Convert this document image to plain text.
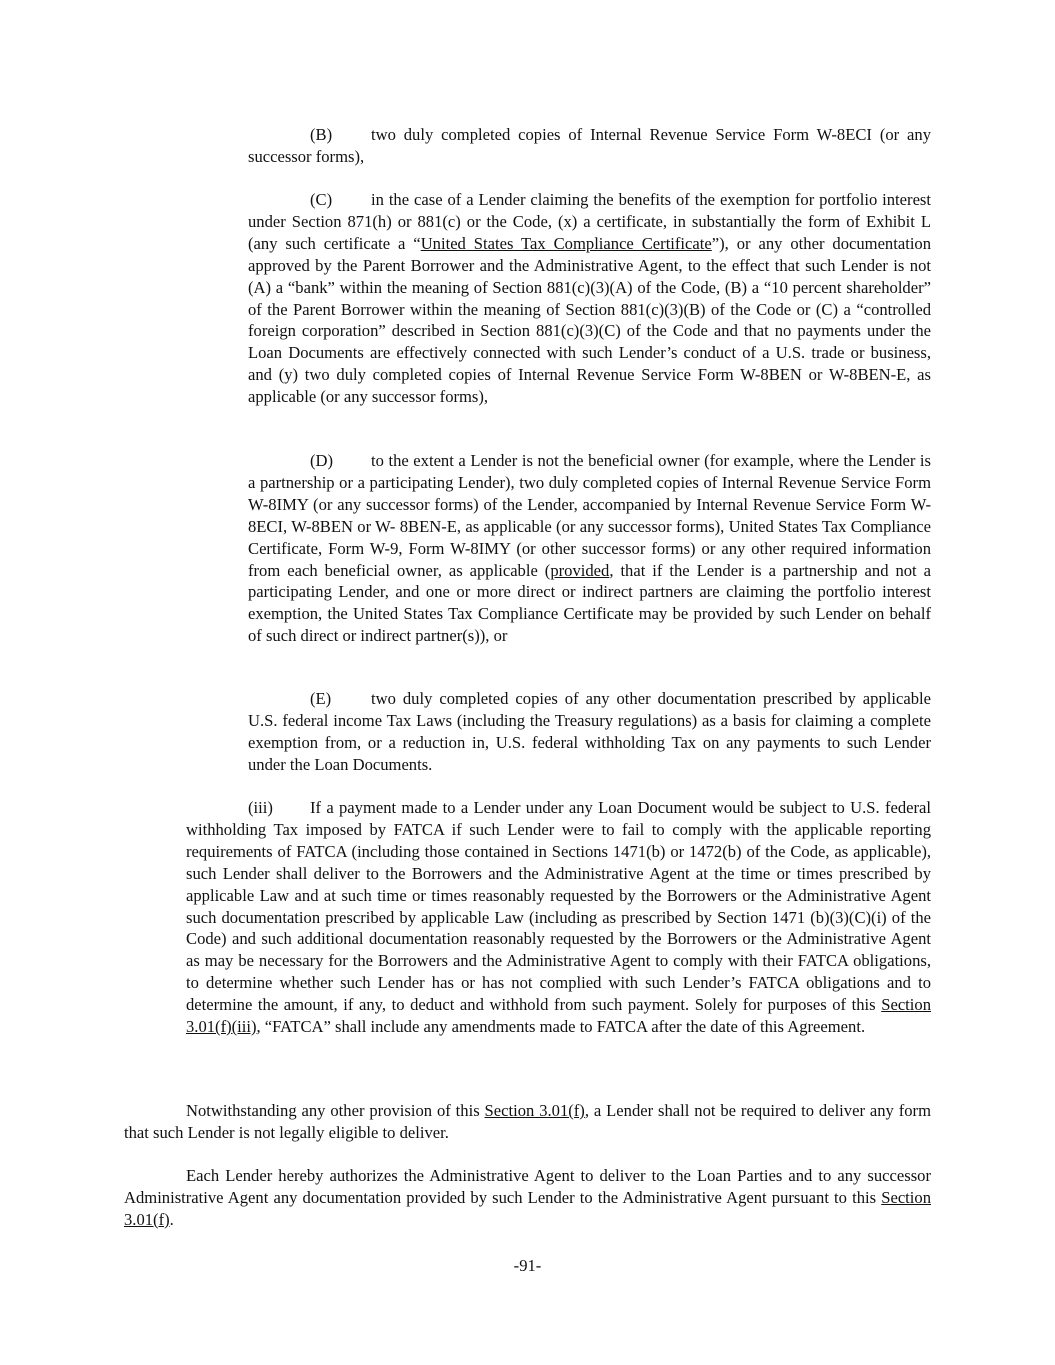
(B) two duly completed copies of Internal Revenue Service Form W-8ECI (or any successor forms),

(C) in the case of a Lender claiming the benefits of the exemption for portfolio interest under Section 871(h) or 881(c) or the Code, (x) a certificate, in substantially the form of Exhibit L (any such certificate a “United States Tax Compliance Certificate”), or any other documentation approved by the Parent Borrower and the Administrative Agent, to the effect that such Lender is not (A) a “bank” within the meaning of Section 881(c)(3)(A) of the Code, (B) a “10 percent shareholder” of the Parent Borrower within the meaning of Section 881(c)(3)(B) of the Code or (C) a “controlled foreign corporation” described in Section 881(c)(3)(C) of the Code and that no payments under the Loan Documents are effectively connected with such Lender’s conduct of a U.S. trade or business, and (y) two duly completed copies of Internal Revenue Service Form W-8BEN or W-8BEN-E, as applicable (or any successor forms),

(D) to the extent a Lender is not the beneficial owner (for example, where the Lender is a partnership or a participating Lender), two duly completed copies of Internal Revenue Service Form W-8IMY (or any successor forms) of the Lender, accompanied by Internal Revenue Service Form W-8ECI, W-8BEN or W- 8BEN-E, as applicable (or any successor forms), United States Tax Compliance Certificate, Form W-9, Form W-8IMY (or other successor forms) or any other required information from each beneficial owner, as applicable (provided, that if the Lender is a partnership and not a participating Lender, and one or more direct or indirect partners are claiming the portfolio interest exemption, the United States Tax Compliance Certificate may be provided by such Lender on behalf of such direct or indirect partner(s)), or

(E) two duly completed copies of any other documentation prescribed by applicable U.S. federal income Tax Laws (including the Treasury regulations) as a basis for claiming a complete exemption from, or a reduction in, U.S. federal withholding Tax on any payments to such Lender under the Loan Documents.

(iii) If a payment made to a Lender under any Loan Document would be subject to U.S. federal withholding Tax imposed by FATCA if such Lender were to fail to comply with the applicable reporting requirements of FATCA (including those contained in Sections 1471(b) or 1472(b) of the Code, as applicable), such Lender shall deliver to the Borrowers and the Administrative Agent at the time or times prescribed by applicable Law and at such time or times reasonably requested by the Borrowers or the Administrative Agent such documentation prescribed by applicable Law (including as prescribed by Section 1471 (b)(3)(C)(i) of the Code) and such additional documentation reasonably requested by the Borrowers or the Administrative Agent as may be necessary for the Borrowers and the Administrative Agent to comply with their FATCA obligations, to determine whether such Lender has or has not complied with such Lender’s FATCA obligations and to determine the amount, if any, to deduct and withhold from such payment. Solely for purposes of this Section 3.01(f)(iii), “FATCA” shall include any amendments made to FATCA after the date of this Agreement.

Notwithstanding any other provision of this Section 3.01(f), a Lender shall not be required to deliver any form that such Lender is not legally eligible to deliver.

Each Lender hereby authorizes the Administrative Agent to deliver to the Loan Parties and to any successor Administrative Agent any documentation provided by such Lender to the Administrative Agent pursuant to this Section 3.01(f).

-91-
